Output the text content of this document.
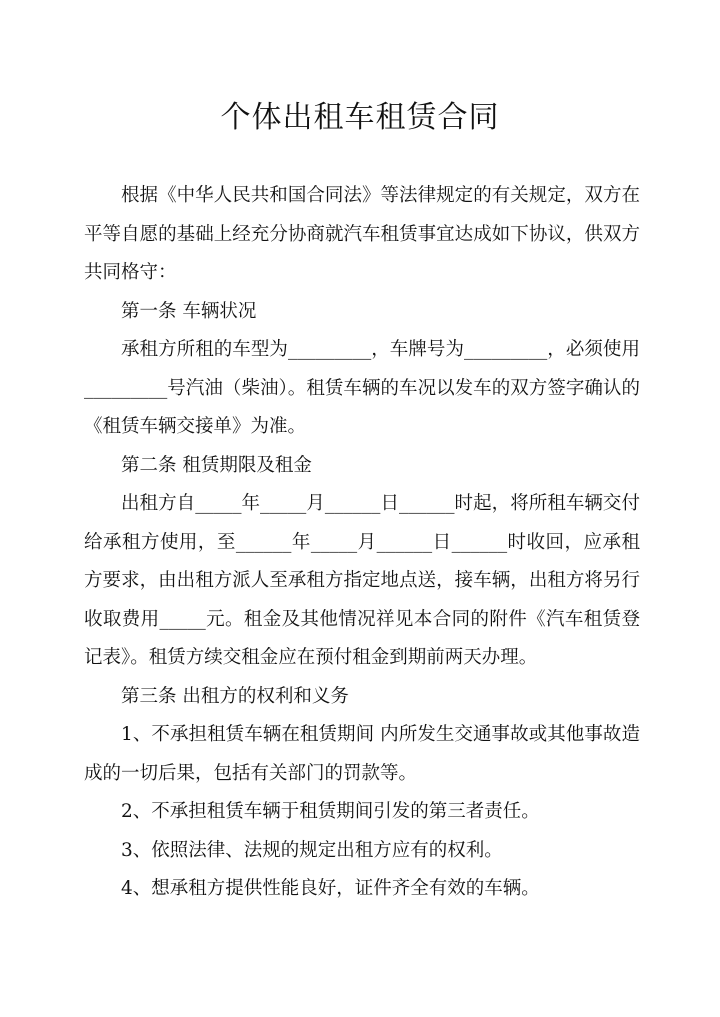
个体出租车租赁合同

根据《中华人民共和国合同法》等法律规定的有关规定，双方在平等自愿的基础上经充分协商就汽车租赁事宜达成如下协议，供双方共同格守：

第一条 车辆状况

承租方所租的车型为_________，车牌号为_________，必须使用_________号汽油（柴油）。租赁车辆的车况以发车的双方签字确认的《租赁车辆交接单》为准。

第二条 租赁期限及租金

出租方自_____年_____月______日______时起，将所租车辆交付给承租方使用，至______年_____月______日______时收回，应承租方要求，由出租方派人至承租方指定地点送，接车辆，出租方将另行收取费用_____元。租金及其他情况祥见本合同的附件《汽车租赁登记表》。租赁方续交租金应在预付租金到期前两天办理。

第三条 出租方的权利和义务

1、不承担租赁车辆在租赁期间 内所发生交通事故或其他事故造成的一切后果，包括有关部门的罚款等。

2、不承担租赁车辆于租赁期间引发的第三者责任。

3、依照法律、法规的规定出租方应有的权利。

4、想承租方提供性能良好，证件齐全有效的车辆。
